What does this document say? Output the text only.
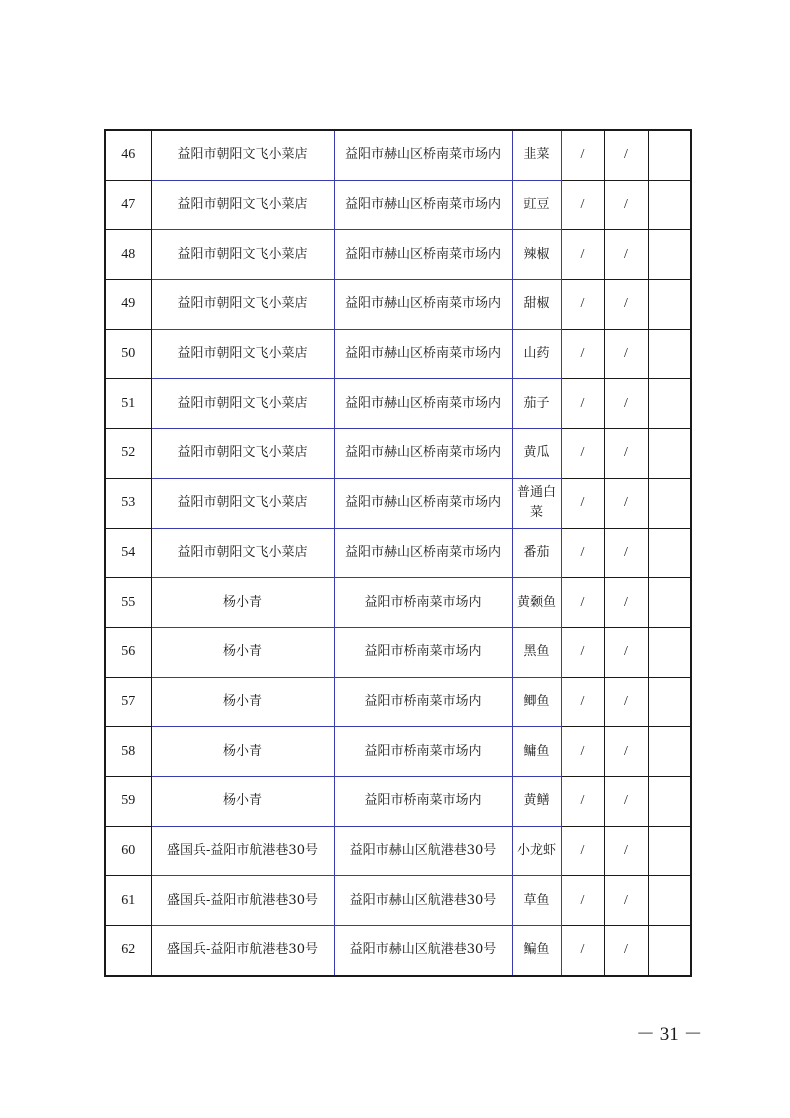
46	益阳市朝阳文飞小菜店	益阳市赫山区桥南菜市场内	韭菜	/	/	
47	益阳市朝阳文飞小菜店	益阳市赫山区桥南菜市场内	豇豆	/	/	
48	益阳市朝阳文飞小菜店	益阳市赫山区桥南菜市场内	辣椒	/	/	
49	益阳市朝阳文飞小菜店	益阳市赫山区桥南菜市场内	甜椒	/	/	
50	益阳市朝阳文飞小菜店	益阳市赫山区桥南菜市场内	山药	/	/	
51	益阳市朝阳文飞小菜店	益阳市赫山区桥南菜市场内	茄子	/	/	
52	益阳市朝阳文飞小菜店	益阳市赫山区桥南菜市场内	黄瓜	/	/	
53	益阳市朝阳文飞小菜店	益阳市赫山区桥南菜市场内	普通白菜	/	/	
54	益阳市朝阳文飞小菜店	益阳市赫山区桥南菜市场内	番茄	/	/	
55	杨小青	益阳市桥南菜市场内	黄颡鱼	/	/	
56	杨小青	益阳市桥南菜市场内	黑鱼	/	/	
57	杨小青	益阳市桥南菜市场内	鲫鱼	/	/	
58	杨小青	益阳市桥南菜市场内	鳙鱼	/	/	
59	杨小青	益阳市桥南菜市场内	黄鳝	/	/	
60	盛国兵-益阳市航港巷30号	益阳市赫山区航港巷30号	小龙虾	/	/	
61	盛国兵-益阳市航港巷30号	益阳市赫山区航港巷30号	草鱼	/	/	
62	盛国兵-益阳市航港巷30号	益阳市赫山区航港巷30号	鳊鱼	/	/	
－ 31 －
